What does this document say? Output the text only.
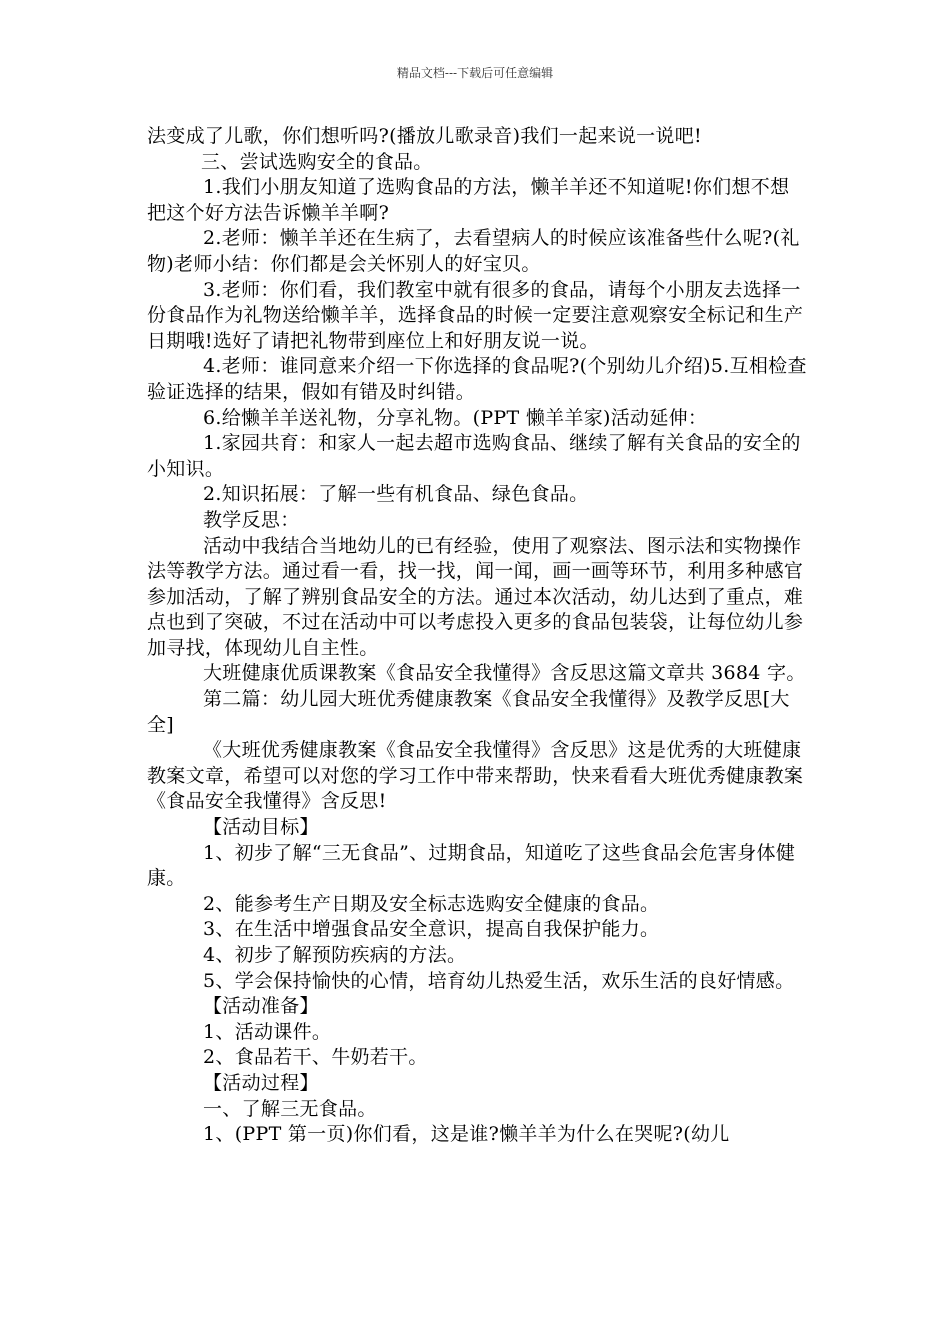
精品文档---下载后可任意编辑

法变成了儿歌，你们想听吗?(播放儿歌录音)我们一起来说一说吧!

三、尝试选购安全的食品。

1.我们小朋友知道了选购食品的方法，懒羊羊还不知道呢!你们想不想把这个好方法告诉懒羊羊啊?

2.老师：懒羊羊还在生病了，去看望病人的时候应该准备些什么呢?(礼物)老师小结：你们都是会关怀别人的好宝贝。

3.老师：你们看，我们教室中就有很多的食品，请每个小朋友去选择一份食品作为礼物送给懒羊羊，选择食品的时候一定要注意观察安全标记和生产日期哦!选好了请把礼物带到座位上和好朋友说一说。

4.老师：谁同意来介绍一下你选择的食品呢?(个别幼儿介绍)5.互相检查验证选择的结果，假如有错及时纠错。

6.给懒羊羊送礼物，分享礼物。(PPT 懒羊羊家)活动延伸：

1.家园共育：和家人一起去超市选购食品、继续了解有关食品的安全的小知识。

2.知识拓展：了解一些有机食品、绿色食品。

教学反思：

活动中我结合当地幼儿的已有经验，使用了观察法、图示法和实物操作法等教学方法。通过看一看，找一找，闻一闻，画一画等环节，利用多种感官参加活动，了解了辨别食品安全的方法。通过本次活动，幼儿达到了重点，难点也到了突破，不过在活动中可以考虑投入更多的食品包装袋，让每位幼儿参加寻找，体现幼儿自主性。

大班健康优质课教案《食品安全我懂得》含反思这篇文章共 3684 字。

第二篇：幼儿园大班优秀健康教案《食品安全我懂得》及教学反思[大全]

《大班优秀健康教案《食品安全我懂得》含反思》这是优秀的大班健康教案文章，希望可以对您的学习工作中带来帮助，快来看看大班优秀健康教案《食品安全我懂得》含反思!

【活动目标】

1、初步了解“三无食品”、过期食品，知道吃了这些食品会危害身体健康。

2、能参考生产日期及安全标志选购安全健康的食品。

3、在生活中增强食品安全意识，提高自我保护能力。

4、初步了解预防疾病的方法。

5、学会保持愉快的心情，培育幼儿热爱生活，欢乐生活的良好情感。

【活动准备】

1、活动课件。

2、食品若干、牛奶若干。

【活动过程】

一、了解三无食品。

1、(PPT 第一页)你们看，这是谁?懒羊羊为什么在哭呢?(幼儿
